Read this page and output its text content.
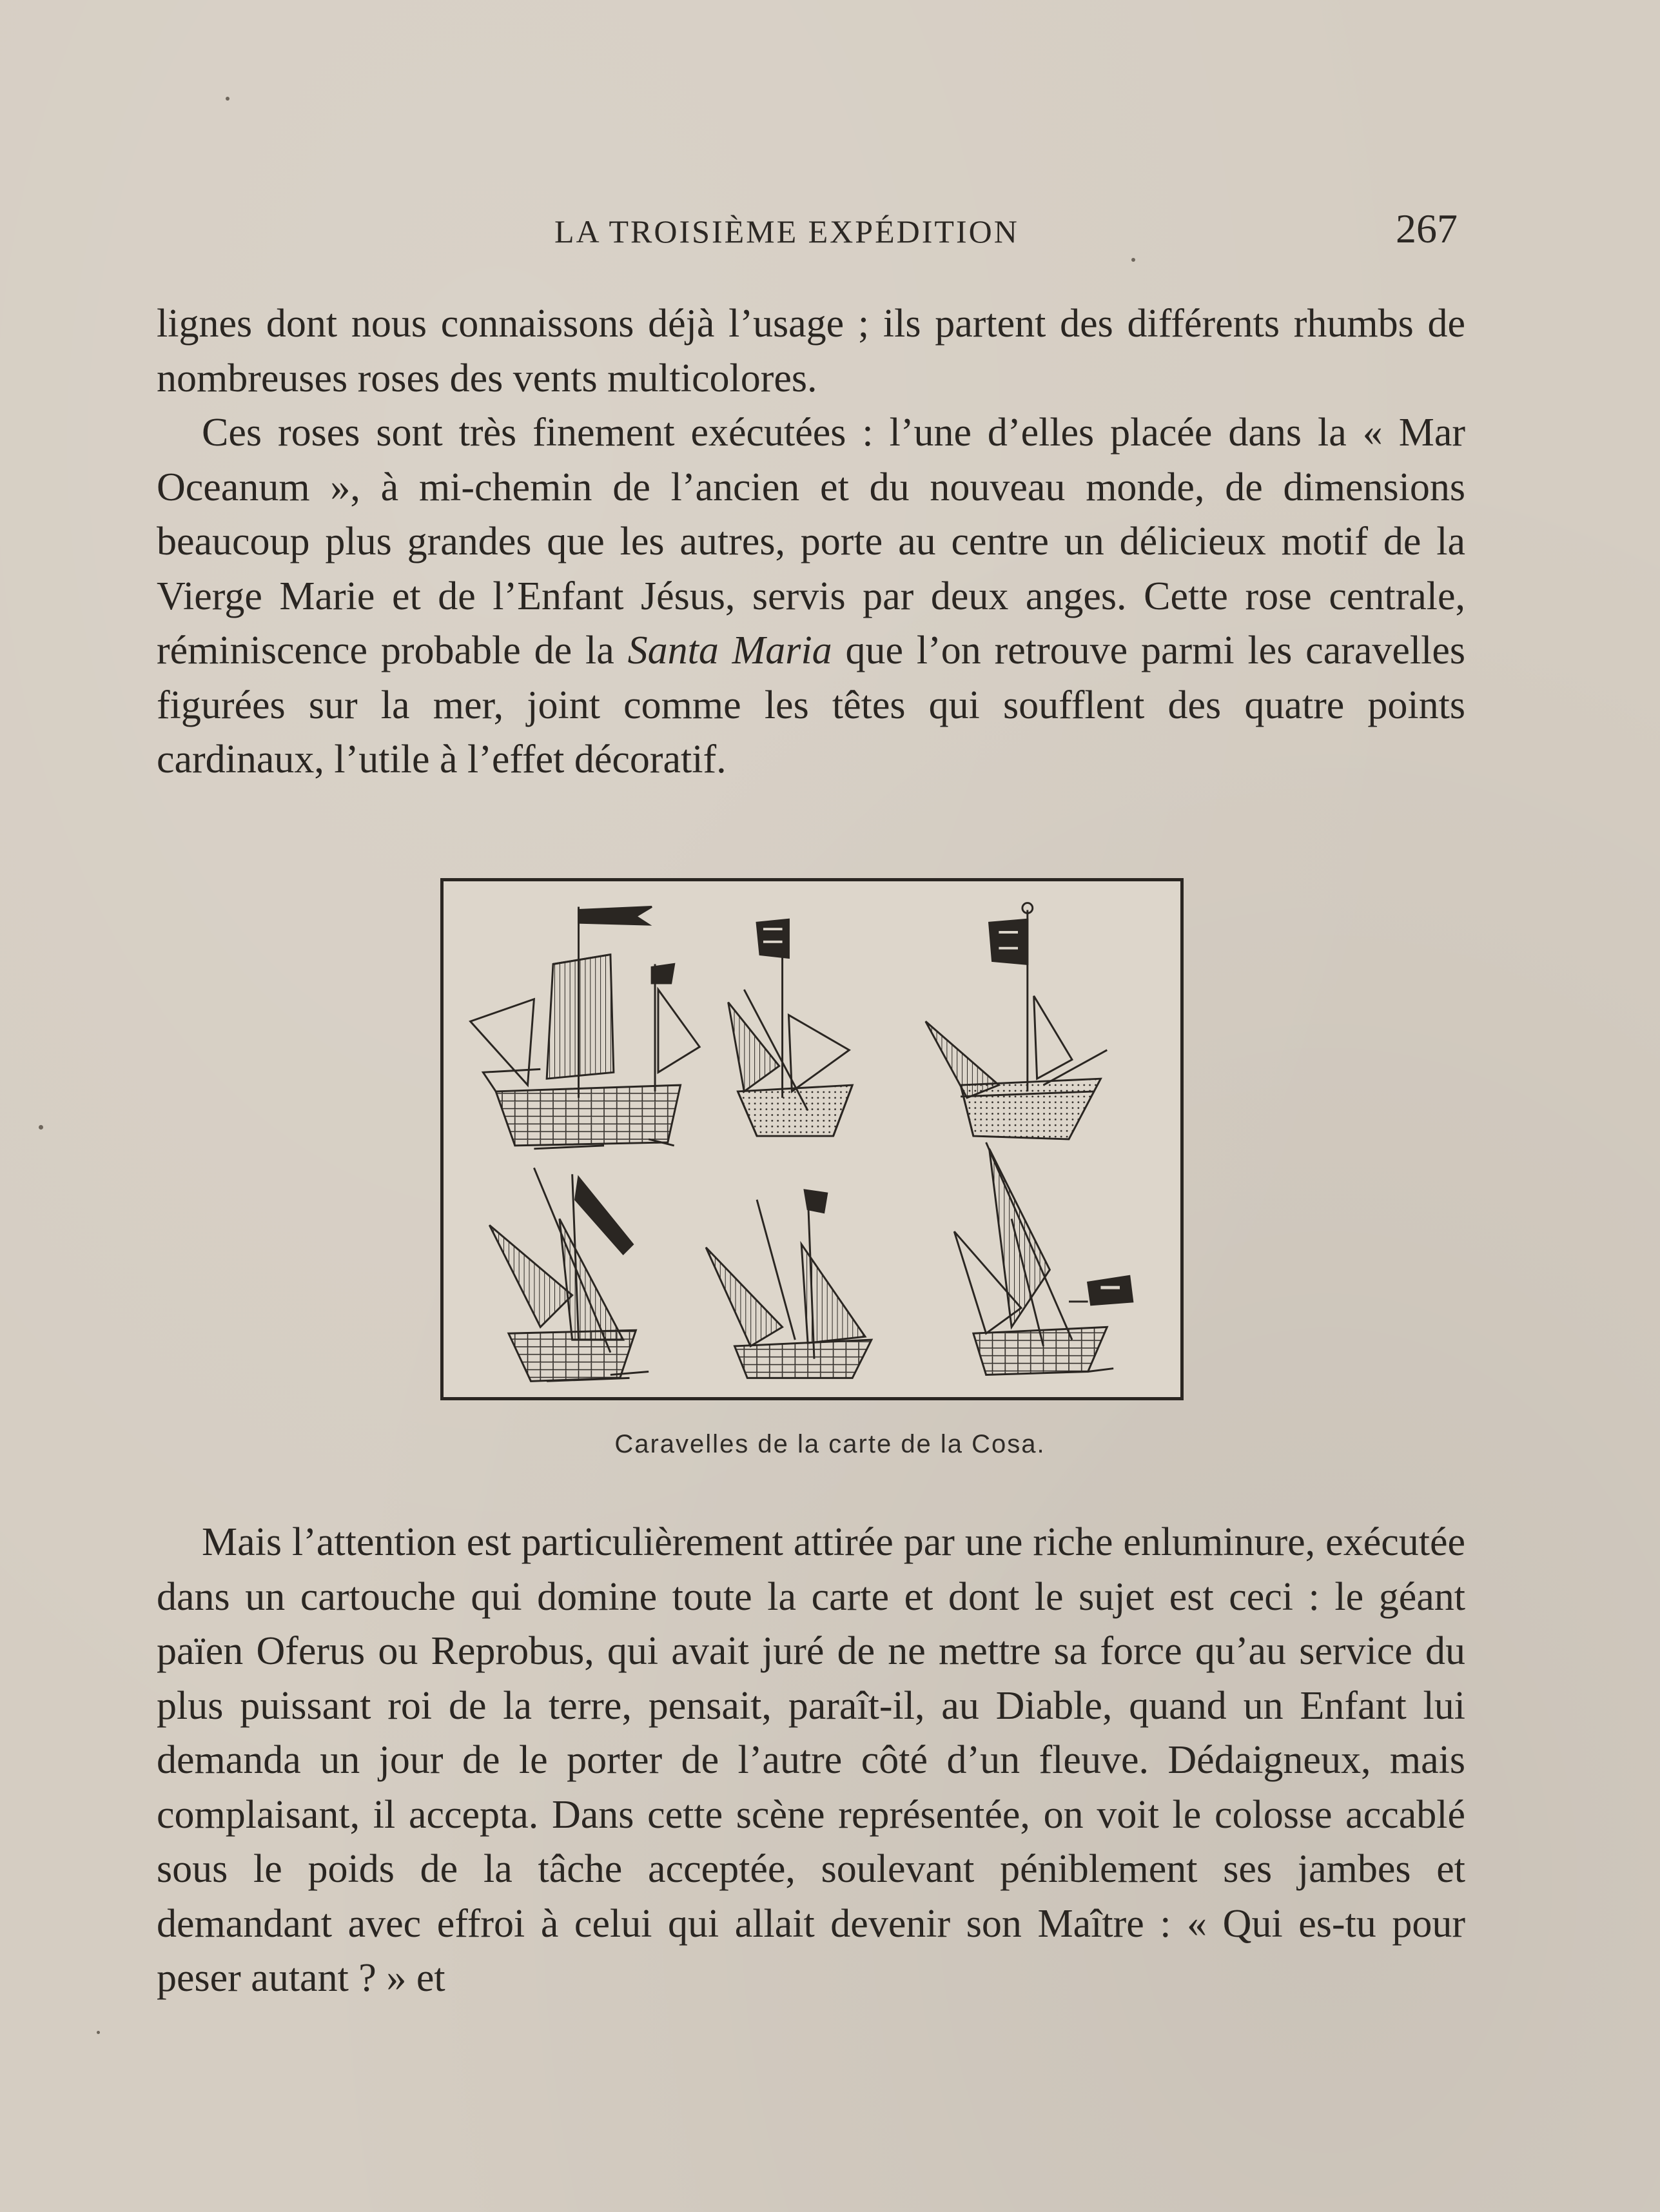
LA TROISIÈME EXPÉDITION	267

lignes dont nous connaissons déjà l’usage ; ils partent des différents rhumbs de nombreuses roses des vents multicolores.

Ces roses sont très finement exécutées : l’une d’elles placée dans la « Mar Oceanum », à mi-chemin de l’ancien et du nouveau monde, de dimensions beaucoup plus grandes que les autres, porte au centre un délicieux motif de la Vierge Marie et de l’Enfant Jésus, servis par deux anges. Cette rose centrale, réminiscence probable de la Santa Maria que l’on retrouve parmi les caravelles figurées sur la mer, joint comme les têtes qui soufflent des quatre points cardinaux, l’utile à l’effet décoratif.

Caravelles de la carte de la Cosa.

Mais l’attention est particulièrement attirée par une riche enluminure, exécutée dans un cartouche qui domine toute la carte et dont le sujet est ceci : le géant païen Oferus ou Reprobus, qui avait juré de ne mettre sa force qu’au service du plus puissant roi de la terre, pensait, paraît-il, au Diable, quand un Enfant lui demanda un jour de le porter de l’autre côté d’un fleuve. Dédaigneux, mais complaisant, il accepta. Dans cette scène représentée, on voit le colosse accablé sous le poids de la tâche acceptée, soulevant péniblement ses jambes et demandant avec effroi à celui qui allait devenir son Maître : « Qui es-tu pour peser autant ? » et
